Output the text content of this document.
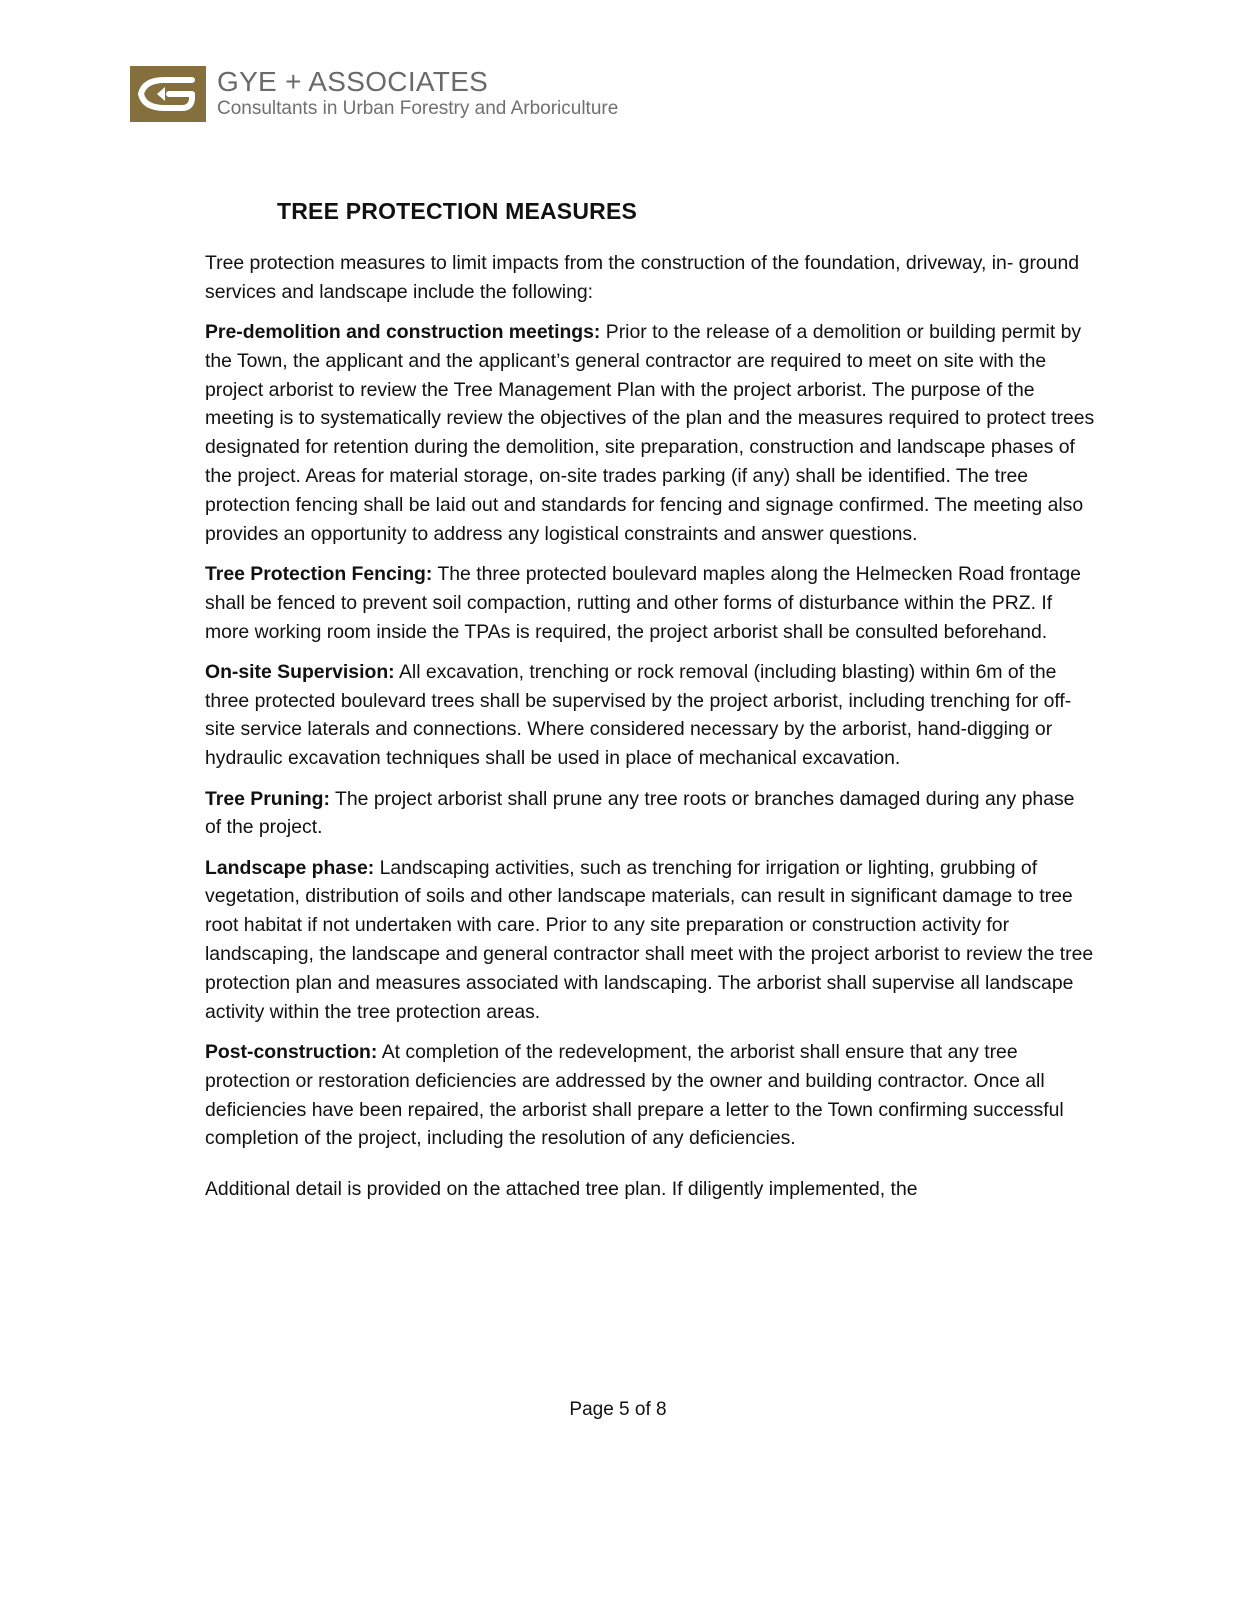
GYE + ASSOCIATES
Consultants in Urban Forestry and Arboriculture
TREE PROTECTION MEASURES

Tree protection measures to limit impacts from the construction of the foundation, driveway, in- ground services and landscape include the following:

Pre-demolition and construction meetings: Prior to the release of a demolition or building permit by the Town, the applicant and the applicant’s general contractor are required to meet on site with the project arborist to review the Tree Management Plan with the project arborist. The purpose of the meeting is to systematically review the objectives of the plan and the measures required to protect trees designated for retention during the demolition, site preparation, construction and landscape phases of the project. Areas for material storage, on-site trades parking (if any) shall be identified. The tree protection fencing shall be laid out and standards for fencing and signage confirmed. The meeting also provides an opportunity to address any logistical constraints and answer questions.

Tree Protection Fencing: The three protected boulevard maples along the Helmecken Road frontage shall be fenced to prevent soil compaction, rutting and other forms of disturbance within the PRZ. If more working room inside the TPAs is required, the project arborist shall be consulted beforehand.

On-site Supervision: All excavation, trenching or rock removal (including blasting) within 6m of the three protected boulevard trees shall be supervised by the project arborist, including trenching for off-site service laterals and connections. Where considered necessary by the arborist, hand-digging or hydraulic excavation techniques shall be used in place of mechanical excavation.

Tree Pruning: The project arborist shall prune any tree roots or branches damaged during any phase of the project.

Landscape phase: Landscaping activities, such as trenching for irrigation or lighting, grubbing of vegetation, distribution of soils and other landscape materials, can result in significant damage to tree root habitat if not undertaken with care. Prior to any site preparation or construction activity for landscaping, the landscape and general contractor shall meet with the project arborist to review the tree protection plan and measures associated with landscaping. The arborist shall supervise all landscape activity within the tree protection areas.

Post-construction: At completion of the redevelopment, the arborist shall ensure that any tree protection or restoration deficiencies are addressed by the owner and building contractor. Once all deficiencies have been repaired, the arborist shall prepare a letter to the Town confirming successful completion of the project, including the resolution of any deficiencies.

Additional detail is provided on the attached tree plan. If diligently implemented, the

Page 5 of 8
